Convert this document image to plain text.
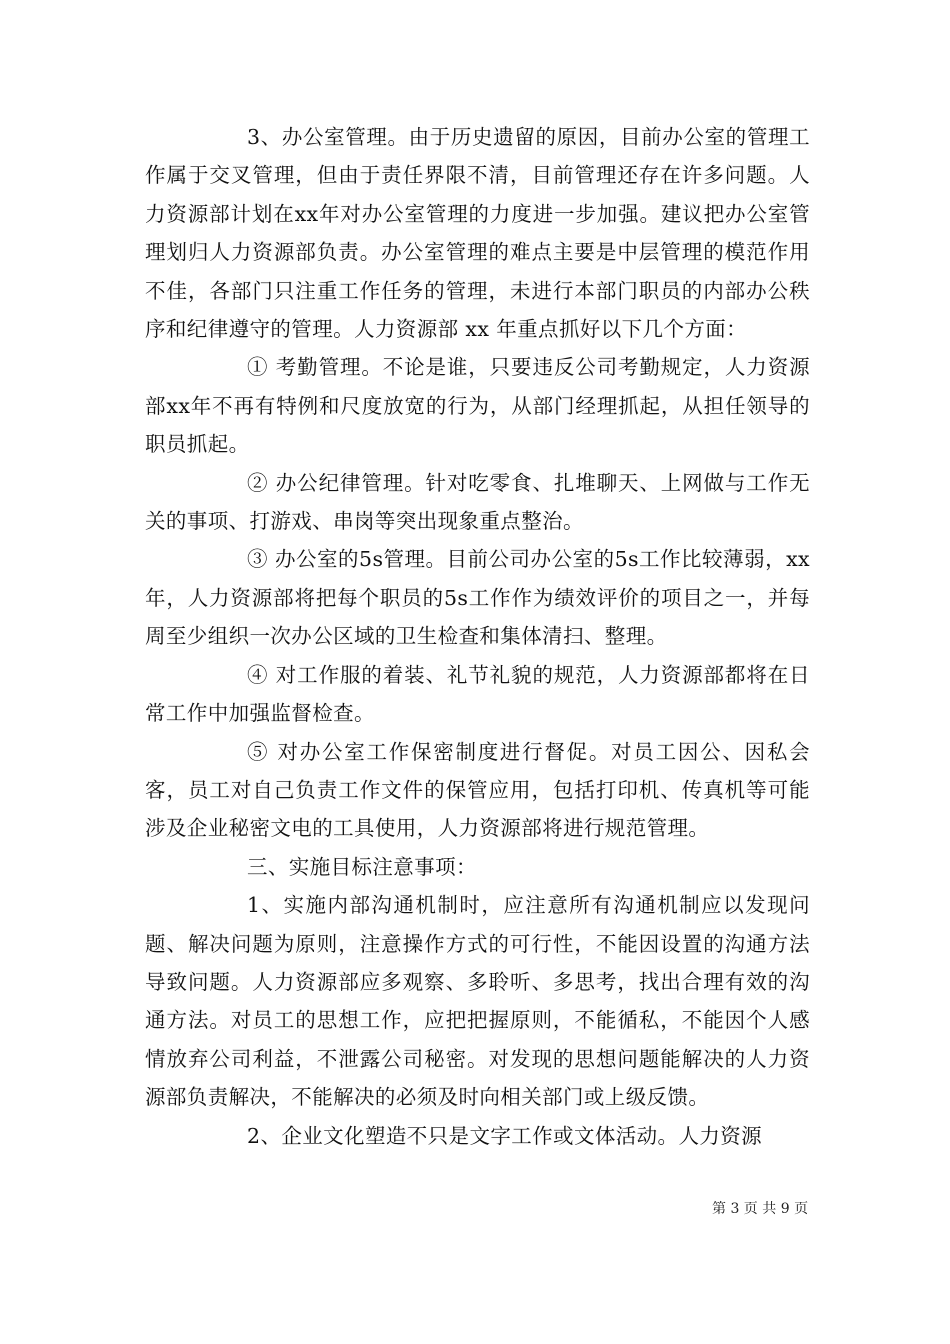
3、办公室管理。由于历史遗留的原因，目前办公室的管理工作属于交叉管理，但由于责任界限不清，目前管理还存在许多问题。人力资源部计划在xx年对办公室管理的力度进一步加强。建议把办公室管理划归人力资源部负责。办公室管理的难点主要是中层管理的模范作用不佳，各部门只注重工作任务的管理，未进行本部门职员的内部办公秩序和纪律遵守的管理。人力资源部 xx 年重点抓好以下几个方面：

① 考勤管理。不论是谁，只要违反公司考勤规定，人力资源部xx年不再有特例和尺度放宽的行为，从部门经理抓起，从担任领导的职员抓起。

② 办公纪律管理。针对吃零食、扎堆聊天、上网做与工作无关的事项、打游戏、串岗等突出现象重点整治。

③ 办公室的5s管理。目前公司办公室的5s工作比较薄弱，xx年，人力资源部将把每个职员的5s工作作为绩效评价的项目之一，并每周至少组织一次办公区域的卫生检查和集体清扫、整理。

④ 对工作服的着装、礼节礼貌的规范，人力资源部都将在日常工作中加强监督检查。

⑤ 对办公室工作保密制度进行督促。对员工因公、因私会客，员工对自己负责工作文件的保管应用，包括打印机、传真机等可能涉及企业秘密文电的工具使用，人力资源部将进行规范管理。

三、实施目标注意事项：

1、实施内部沟通机制时，应注意所有沟通机制应以发现问题、解决问题为原则，注意操作方式的可行性，不能因设置的沟通方法导致问题。人力资源部应多观察、多聆听、多思考，找出合理有效的沟通方法。对员工的思想工作，应把把握原则，不能循私，不能因个人感情放弃公司利益，不泄露公司秘密。对发现的思想问题能解决的人力资源部负责解决，不能解决的必须及时向相关部门或上级反馈。

2、企业文化塑造不只是文字工作或文体活动。人力资源

第 3 页 共 9 页
